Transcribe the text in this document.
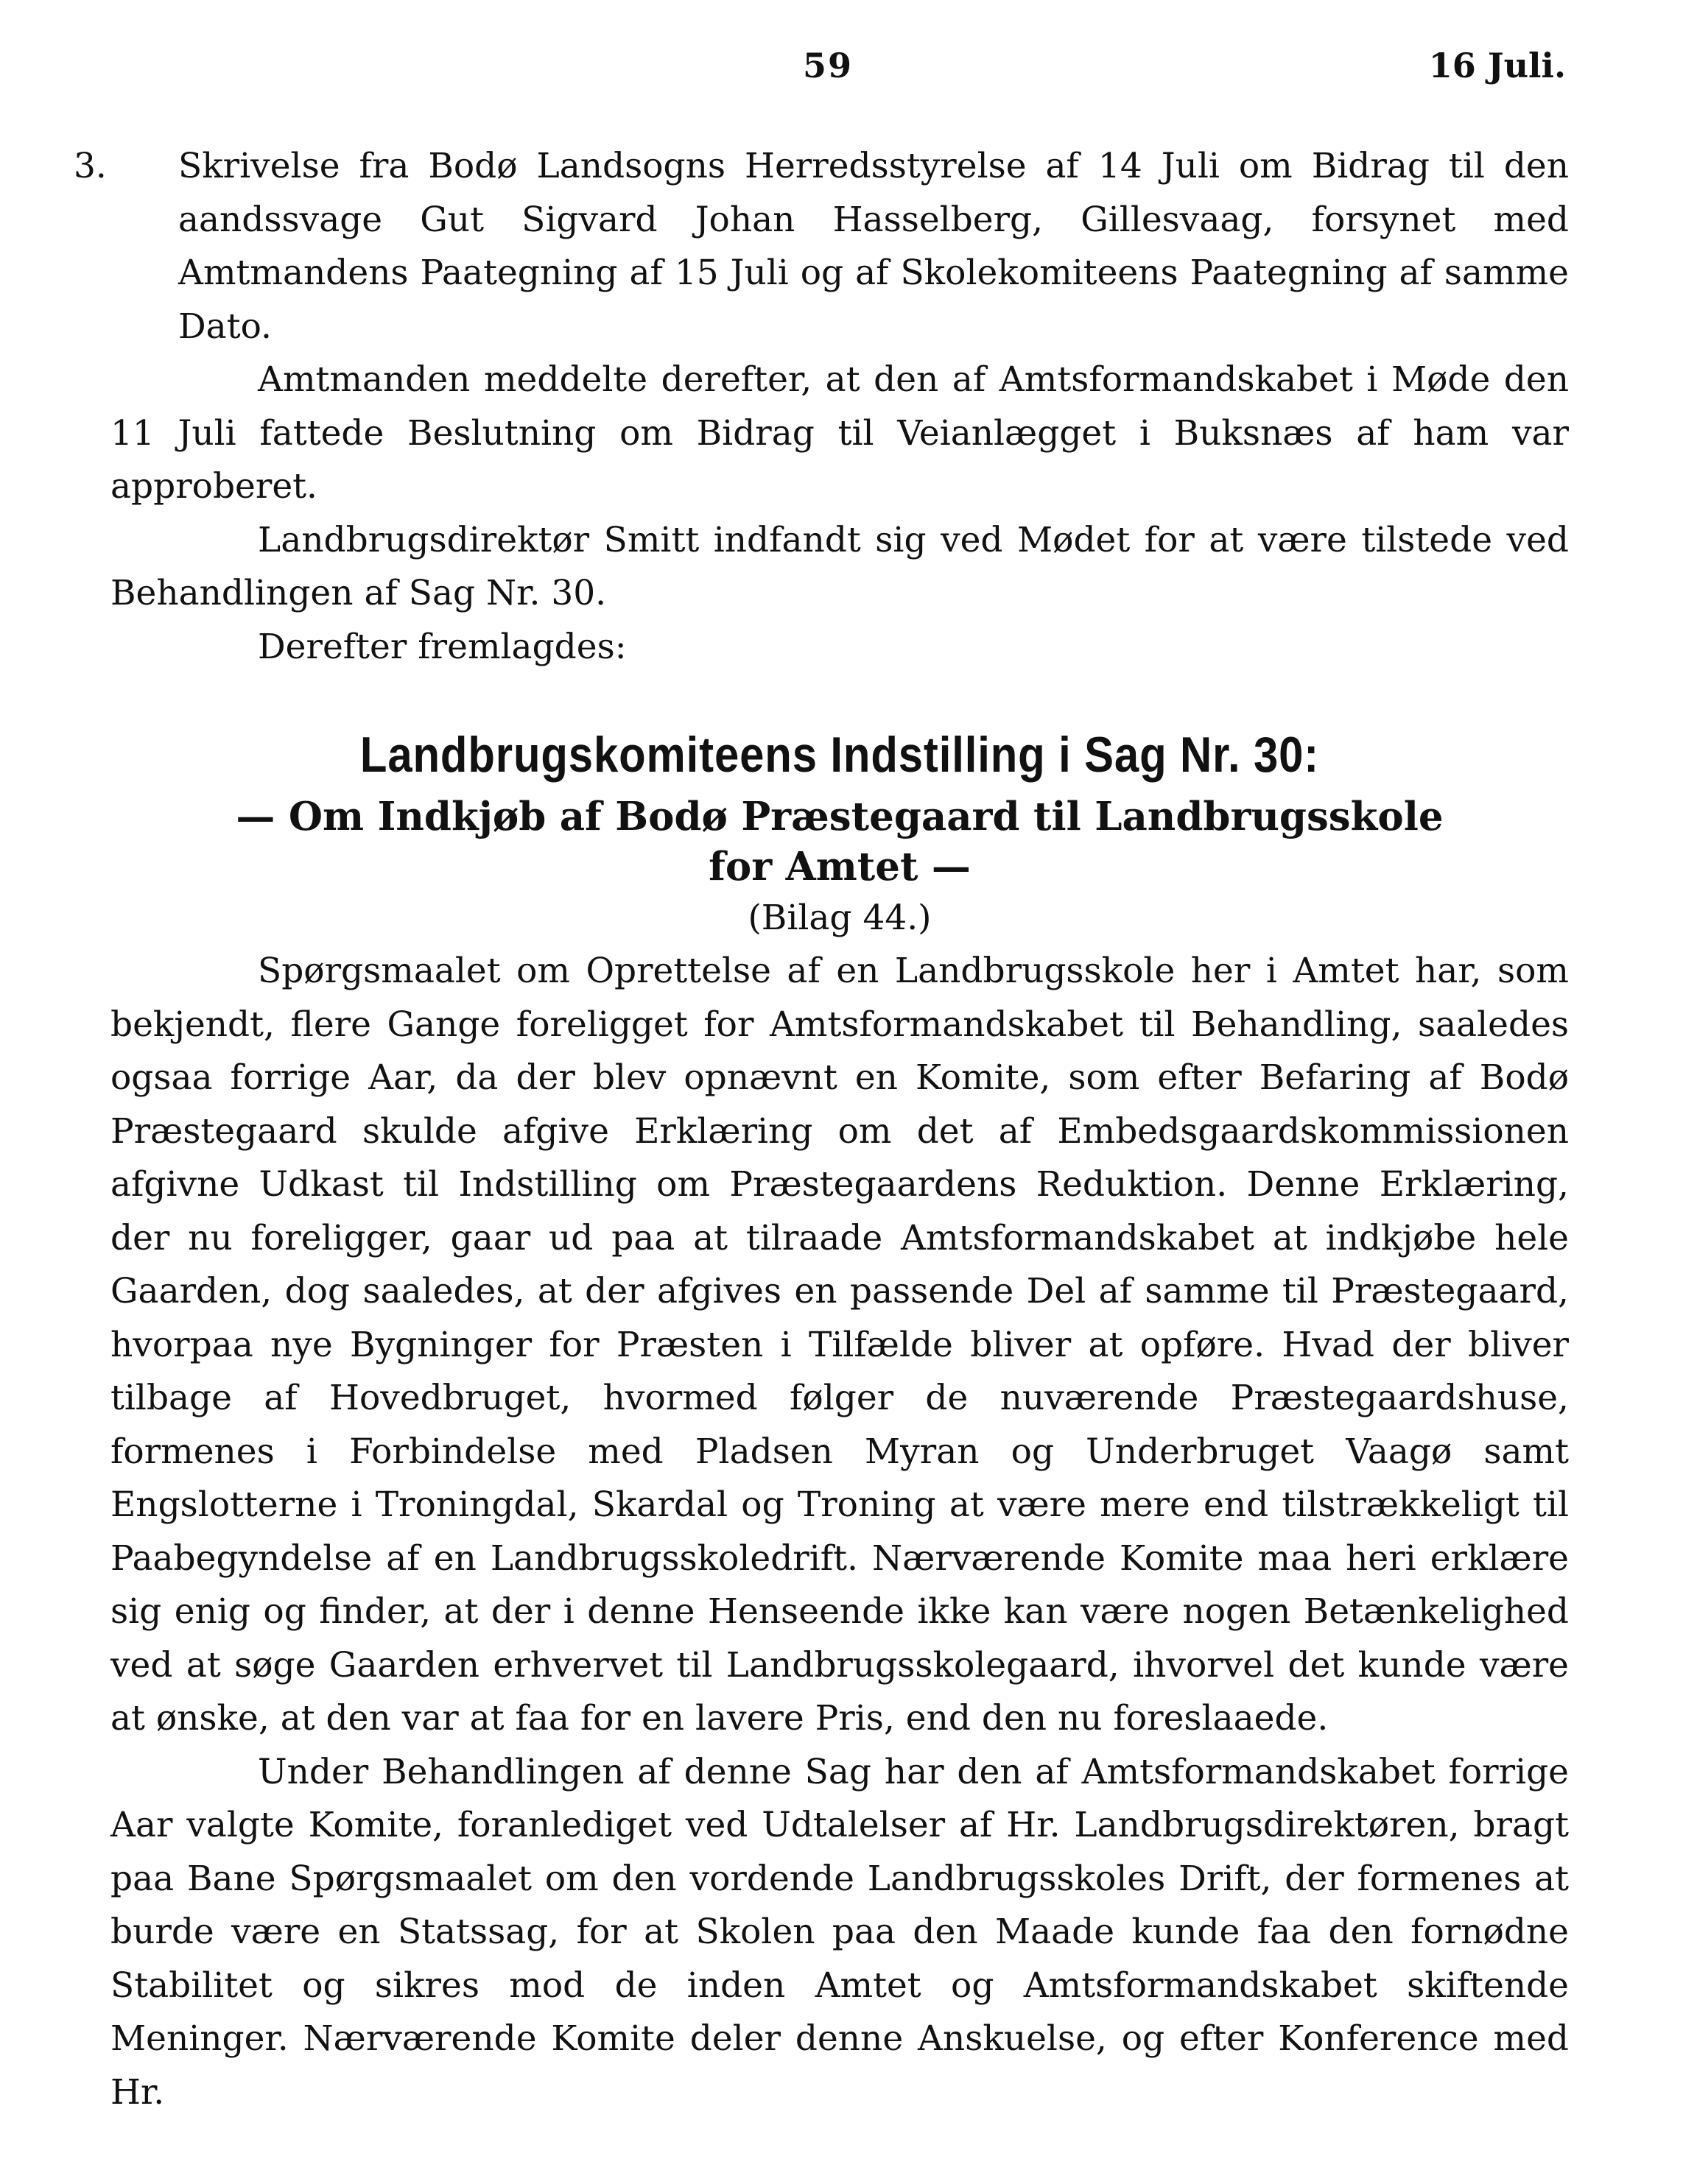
59	16 Juli.
3.	Skrivelse fra Bodø Landsogns Herredsstyrelse af 14 Juli om Bidrag til den aandssvage Gut Sigvard Johan Hasselberg, Gillesvaag, forsynet med Amtmandens Paategning af 15 Juli og af Skolekomiteens Paategning af samme Dato.

Amtmanden meddelte derefter, at den af Amtsformandskabet i Møde den 11 Juli fattede Beslutning om Bidrag til Veianlægget i Buksnæs af ham var approberet.

Landbrugsdirektør Smitt indfandt sig ved Mødet for at være tilstede ved Behandlingen af Sag Nr. 30.

Derefter fremlagdes:

Landbrugskomiteens Indstilling i Sag Nr. 30:
— Om Indkjøb af Bodø Præstegaard til Landbrugsskole
for Amtet —
(Bilag 44.)

Spørgsmaalet om Oprettelse af en Landbrugsskole her i Amtet har, som bekjendt, flere Gange foreligget for Amtsformandskabet til Behandling, saaledes ogsaa forrige Aar, da der blev opnævnt en Komite, som efter Befaring af Bodø Præstegaard skulde afgive Erklæring om det af Embedsgaardskommissionen afgivne Udkast til Indstilling om Præstegaardens Reduktion. Denne Erklæring, der nu foreligger, gaar ud paa at tilraade Amtsformandskabet at indkjøbe hele Gaarden, dog saaledes, at der afgives en passende Del af samme til Præstegaard, hvorpaa nye Bygninger for Præsten i Tilfælde bliver at opføre. Hvad der bliver tilbage af Hovedbruget, hvormed følger de nuværende Præstegaardshuse, formenes i Forbindelse med Pladsen Myran og Underbruget Vaagø samt Engslotterne i Troningdal, Skardal og Troning at være mere end tilstrækkeligt til Paabegyndelse af en Landbrugsskoledrift. Nærværende Komite maa heri erklære sig enig og finder, at der i denne Henseende ikke kan være nogen Betænkelighed ved at søge Gaarden erhvervet til Landbrugsskolegaard, ihvorvel det kunde være at ønske, at den var at faa for en lavere Pris, end den nu foreslaaede.

Under Behandlingen af denne Sag har den af Amtsformandskabet forrige Aar valgte Komite, foranlediget ved Udtalelser af Hr. Landbrugsdirektøren, bragt paa Bane Spørgsmaalet om den vordende Landbrugsskoles Drift, der formenes at burde være en Statssag, for at Skolen paa den Maade kunde faa den fornødne Stabilitet og sikres mod de inden Amtet og Amtsformandskabet skiftende Meninger. Nærværende Komite deler denne Anskuelse, og efter Konference med Hr.
